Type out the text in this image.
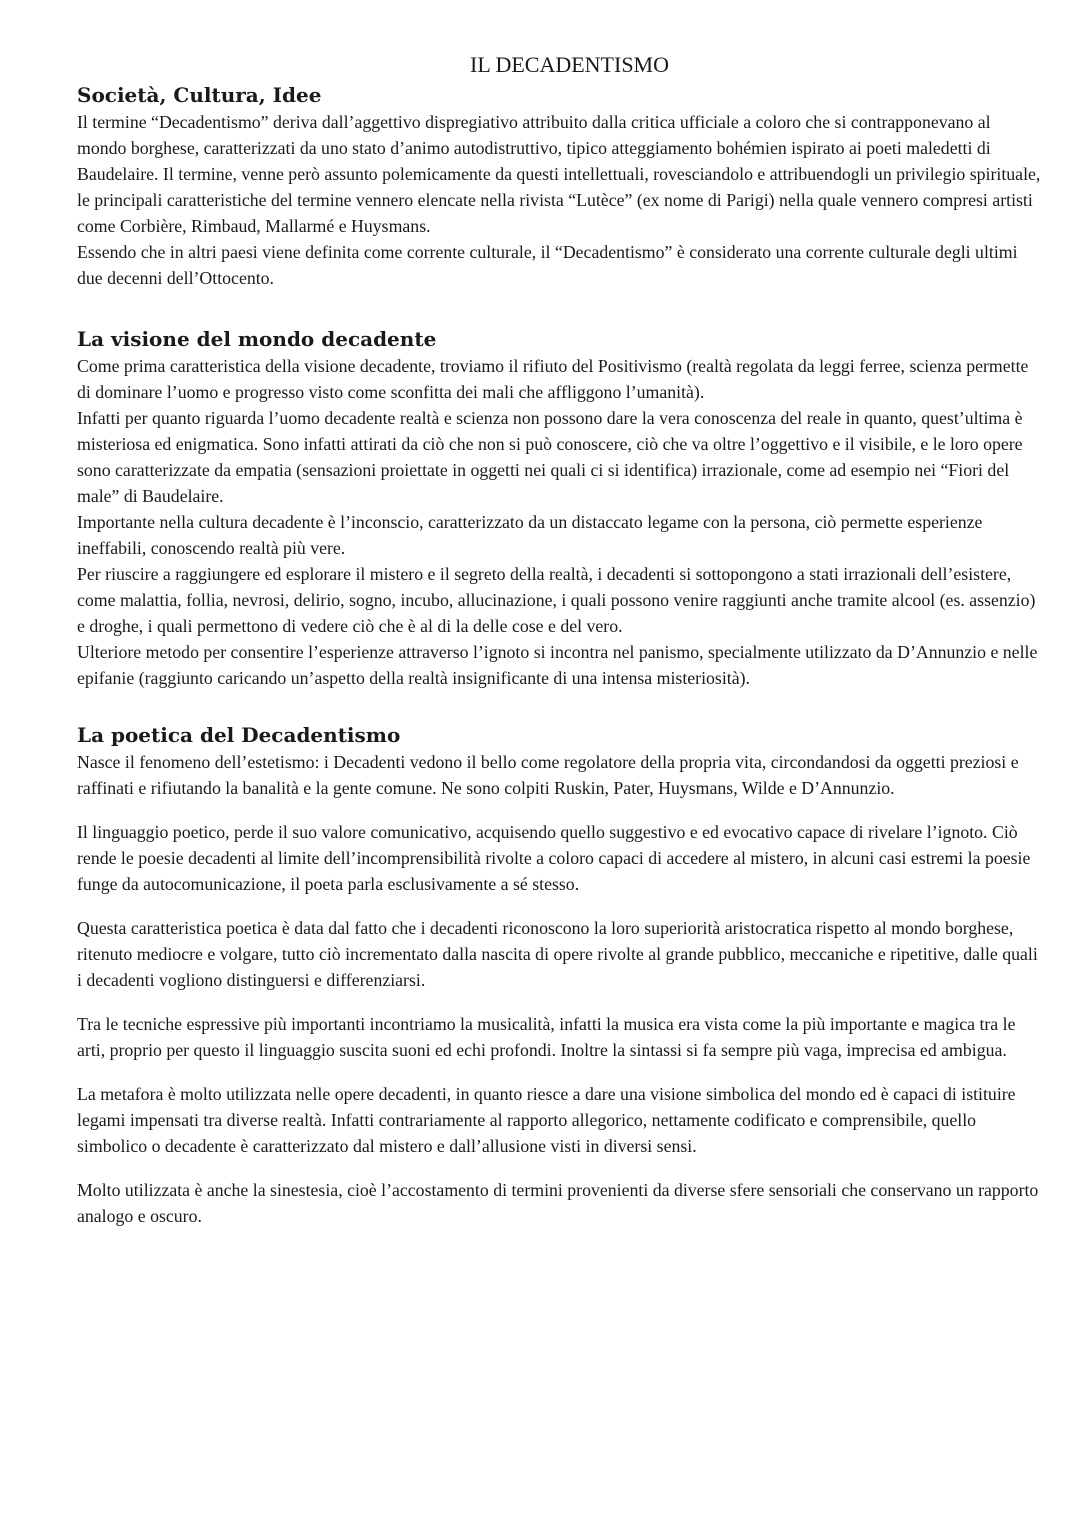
IL DECADENTISMO
Società, Cultura, Idee

Il termine “Decadentismo” deriva dall’aggettivo dispregiativo attribuito dalla critica ufficiale a coloro che si contrapponevano al mondo borghese, caratterizzati da uno stato d’animo autodistruttivo, tipico atteggiamento bohémien ispirato ai poeti maledetti di Baudelaire. Il termine, venne però assunto polemicamente da questi intellettuali, rovesciandolo e attribuendogli un privilegio spirituale, le principali caratteristiche del termine vennero elencate nella rivista “Lutèce” (ex nome di Parigi) nella quale vennero compresi artisti come Corbière, Rimbaud, Mallarmé e Huysmans.

Essendo che in altri paesi viene definita come corrente culturale, il “Decadentismo” è considerato una corrente culturale degli ultimi due decenni dell’Ottocento.

La visione del mondo decadente

Come prima caratteristica della visione decadente, troviamo il rifiuto del Positivismo (realtà regolata da leggi ferree, scienza permette di dominare l’uomo e progresso visto come sconfitta dei mali che affliggono l’umanità).

Infatti per quanto riguarda l’uomo decadente realtà e scienza non possono dare la vera conoscenza del reale in quanto, quest’ultima è misteriosa ed enigmatica. Sono infatti attirati da ciò che non si può conoscere, ciò che va oltre l’oggettivo e il visibile, e le loro opere sono caratterizzate da empatia (sensazioni proiettate in oggetti nei quali ci si identifica) irrazionale, come ad esempio nei “Fiori del male” di Baudelaire.

Importante nella cultura decadente è l’inconscio, caratterizzato da un distaccato legame con la persona, ciò permette esperienze ineffabili, conoscendo realtà più vere.

Per riuscire a raggiungere ed esplorare il mistero e il segreto della realtà, i decadenti si sottopongono a stati irrazionali dell’esistere, come malattia, follia, nevrosi, delirio, sogno, incubo, allucinazione, i quali possono venire raggiunti anche tramite alcool (es. assenzio) e droghe, i quali permettono di vedere ciò che è al di la delle cose e del vero.

Ulteriore metodo per consentire l’esperienze attraverso l’ignoto si incontra nel panismo, specialmente utilizzato da D’Annunzio e nelle epifanie (raggiunto caricando un’aspetto della realtà insignificante di una intensa misteriosità).

La poetica del Decadentismo

Nasce il fenomeno dell’estetismo: i Decadenti vedono il bello come regolatore della propria vita, circondandosi da oggetti preziosi e raffinati e rifiutando la banalità e la gente comune. Ne sono colpiti Ruskin, Pater, Huysmans, Wilde e D’Annunzio.

Il linguaggio poetico, perde il suo valore comunicativo, acquisendo quello suggestivo e ed evocativo capace di rivelare l’ignoto. Ciò rende le poesie decadenti al limite dell’incomprensibilità rivolte a coloro capaci di accedere al mistero, in alcuni casi estremi la poesie funge da autocomunicazione, il poeta parla esclusivamente a sé stesso.

Questa caratteristica poetica è data dal fatto che i decadenti riconoscono la loro superiorità aristocratica rispetto al mondo borghese, ritenuto mediocre e volgare, tutto ciò incrementato dalla nascita di opere rivolte al grande pubblico, meccaniche e ripetitive, dalle quali i decadenti vogliono distinguersi e differenziarsi.

Tra le tecniche espressive più importanti incontriamo la musicalità, infatti la musica era vista come la più importante e magica tra le arti, proprio per questo il linguaggio suscita suoni ed echi profondi. Inoltre la sintassi si fa sempre più vaga, imprecisa ed ambigua.

La metafora è molto utilizzata nelle opere decadenti, in quanto riesce a dare una visione simbolica del mondo ed è capaci di istituire legami impensati tra diverse realtà. Infatti contrariamente al rapporto allegorico, nettamente codificato e comprensibile, quello simbolico o decadente è caratterizzato dal mistero e dall’allusione visti in diversi sensi.

Molto utilizzata è anche la sinestesia, cioè l’accostamento di termini provenienti da diverse sfere sensoriali che conservano un rapporto analogo e oscuro.
